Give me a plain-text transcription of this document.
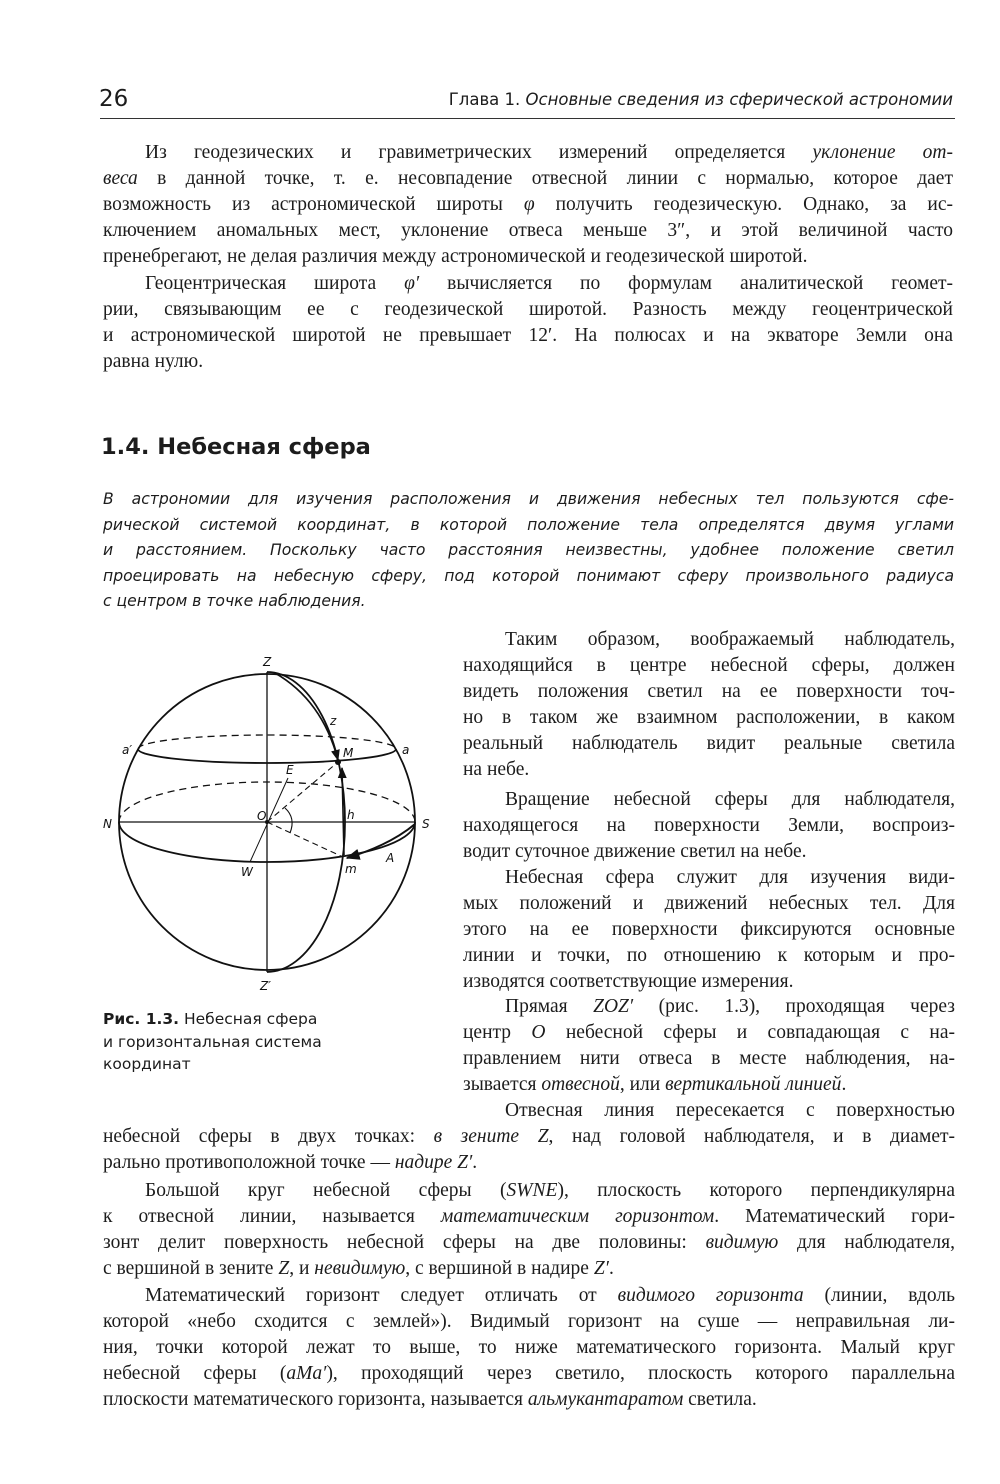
26	Глава 1. Основные сведения из сферической астрономии
Из геодезических и гравиметрических измерений определяется уклонение от-
веса в данной точке, т. е. несовпадение отвесной линии с нормалью, которое дает
возможность из астрономической широты φ получить геодезическую. Однако, за ис-
ключением аномальных мест, уклонение отвеса меньше 3″, и этой величиной часто
пренебрегают, не делая различия между астрономической и геодезической широтой.
Геоцентрическая широта φ′ вычисляется по формулам аналитической геомет-
рии, связывающим ее с геодезической широтой. Разность между геоцентрической
и астрономической широтой не превышает 12′. На полюсах и на экваторе Земли она
равна нулю.
1.4. Небесная сфера
В астрономии для изучения расположения и движения небесных тел пользуются сфе-
рической системой координат, в которой положение тела определятся двумя углами
и расстоянием. Поскольку часто расстояния неизвестны, удобнее положение светил
проецировать на небесную сферу, под которой понимают сферу произвольного радиуса
с центром в точке наблюдения.
Z
Z′
N	S
a′	a
M
z
E
O	h
W	m
A
Рис. 1.3. Небесная сфера
и горизонтальная система
координат
Таким образом, воображаемый наблюдатель,
находящийся в центре небесной сферы, должен
видеть положения светил на ее поверхности точ-
но в таком же взаимном расположении, в каком
реальный наблюдатель видит реальные светила
на небе.
Вращение небесной сферы для наблюдателя,
находящегося на поверхности Земли, воспроиз-
водит суточное движение светил на небе.
Небесная сфера служит для изучения види-
мых положений и движений небесных тел. Для
этого на ее поверхности фиксируются основные
линии и точки, по отношению к которым и про-
изводятся соответствующие измерения.
Прямая ZOZ′ (рис. 1.3), проходящая через
центр O небесной сферы и совпадающая с на-
правлением нити отвеса в месте наблюдения, на-
зывается отвесной, или вертикальной линией.
Отвесная линия пересекается с поверхностью
небесной сферы в двух точках: в зените Z, над головой наблюдателя, и в диамет-
рально противоположной точке — надире Z′.
Большой круг небесной сферы (SWNE), плоскость которого перпендикулярна
к отвесной линии, называется математическим горизонтом. Математический гори-
зонт делит поверхность небесной сферы на две половины: видимую для наблюдателя,
с вершиной в зените Z, и невидимую, с вершиной в надире Z′.
Математический горизонт следует отличать от видимого горизонта (линии, вдоль
которой «небо сходится с землей»). Видимый горизонт на суше — неправильная ли-
ния, точки которой лежат то выше, то ниже математического горизонта. Малый круг
небесной сферы (aMa′), проходящий через светило, плоскость которого параллельна
плоскости математического горизонта, называется альмукантаратом светила.
